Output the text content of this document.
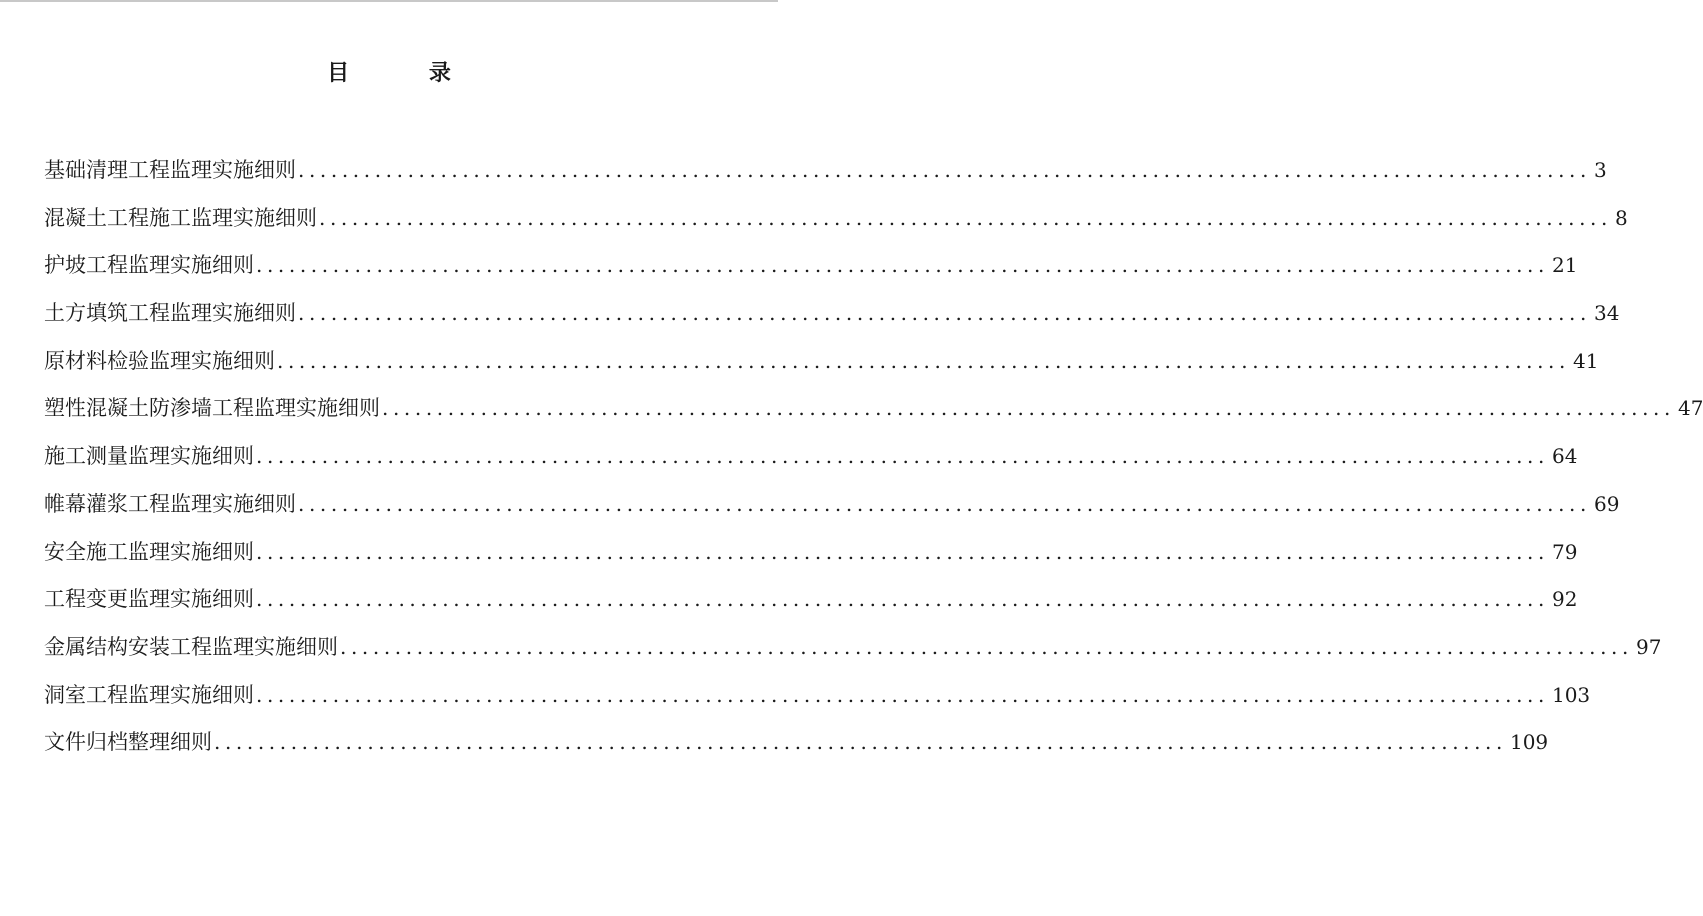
目 录
基础清理工程监理实施细则 ...................................................................................................................... 3
混凝土工程施工监理实施细则 ...................................................................................................................... 8
护坡工程监理实施细则 ...................................................................................................................... 21
土方填筑工程监理实施细则 ...................................................................................................................... 34
原材料检验监理实施细则 ...................................................................................................................... 41
塑性混凝土防渗墙工程监理实施细则 ...................................................................................................................... 47
施工测量监理实施细则 ...................................................................................................................... 64
帷幕灌浆工程监理实施细则 ...................................................................................................................... 69
安全施工监理实施细则 ...................................................................................................................... 79
工程变更监理实施细则 ...................................................................................................................... 92
金属结构安装工程监理实施细则 ...................................................................................................................... 97
洞室工程监理实施细则 ...................................................................................................................... 103
文件归档整理细则 ...................................................................................................................... 109
